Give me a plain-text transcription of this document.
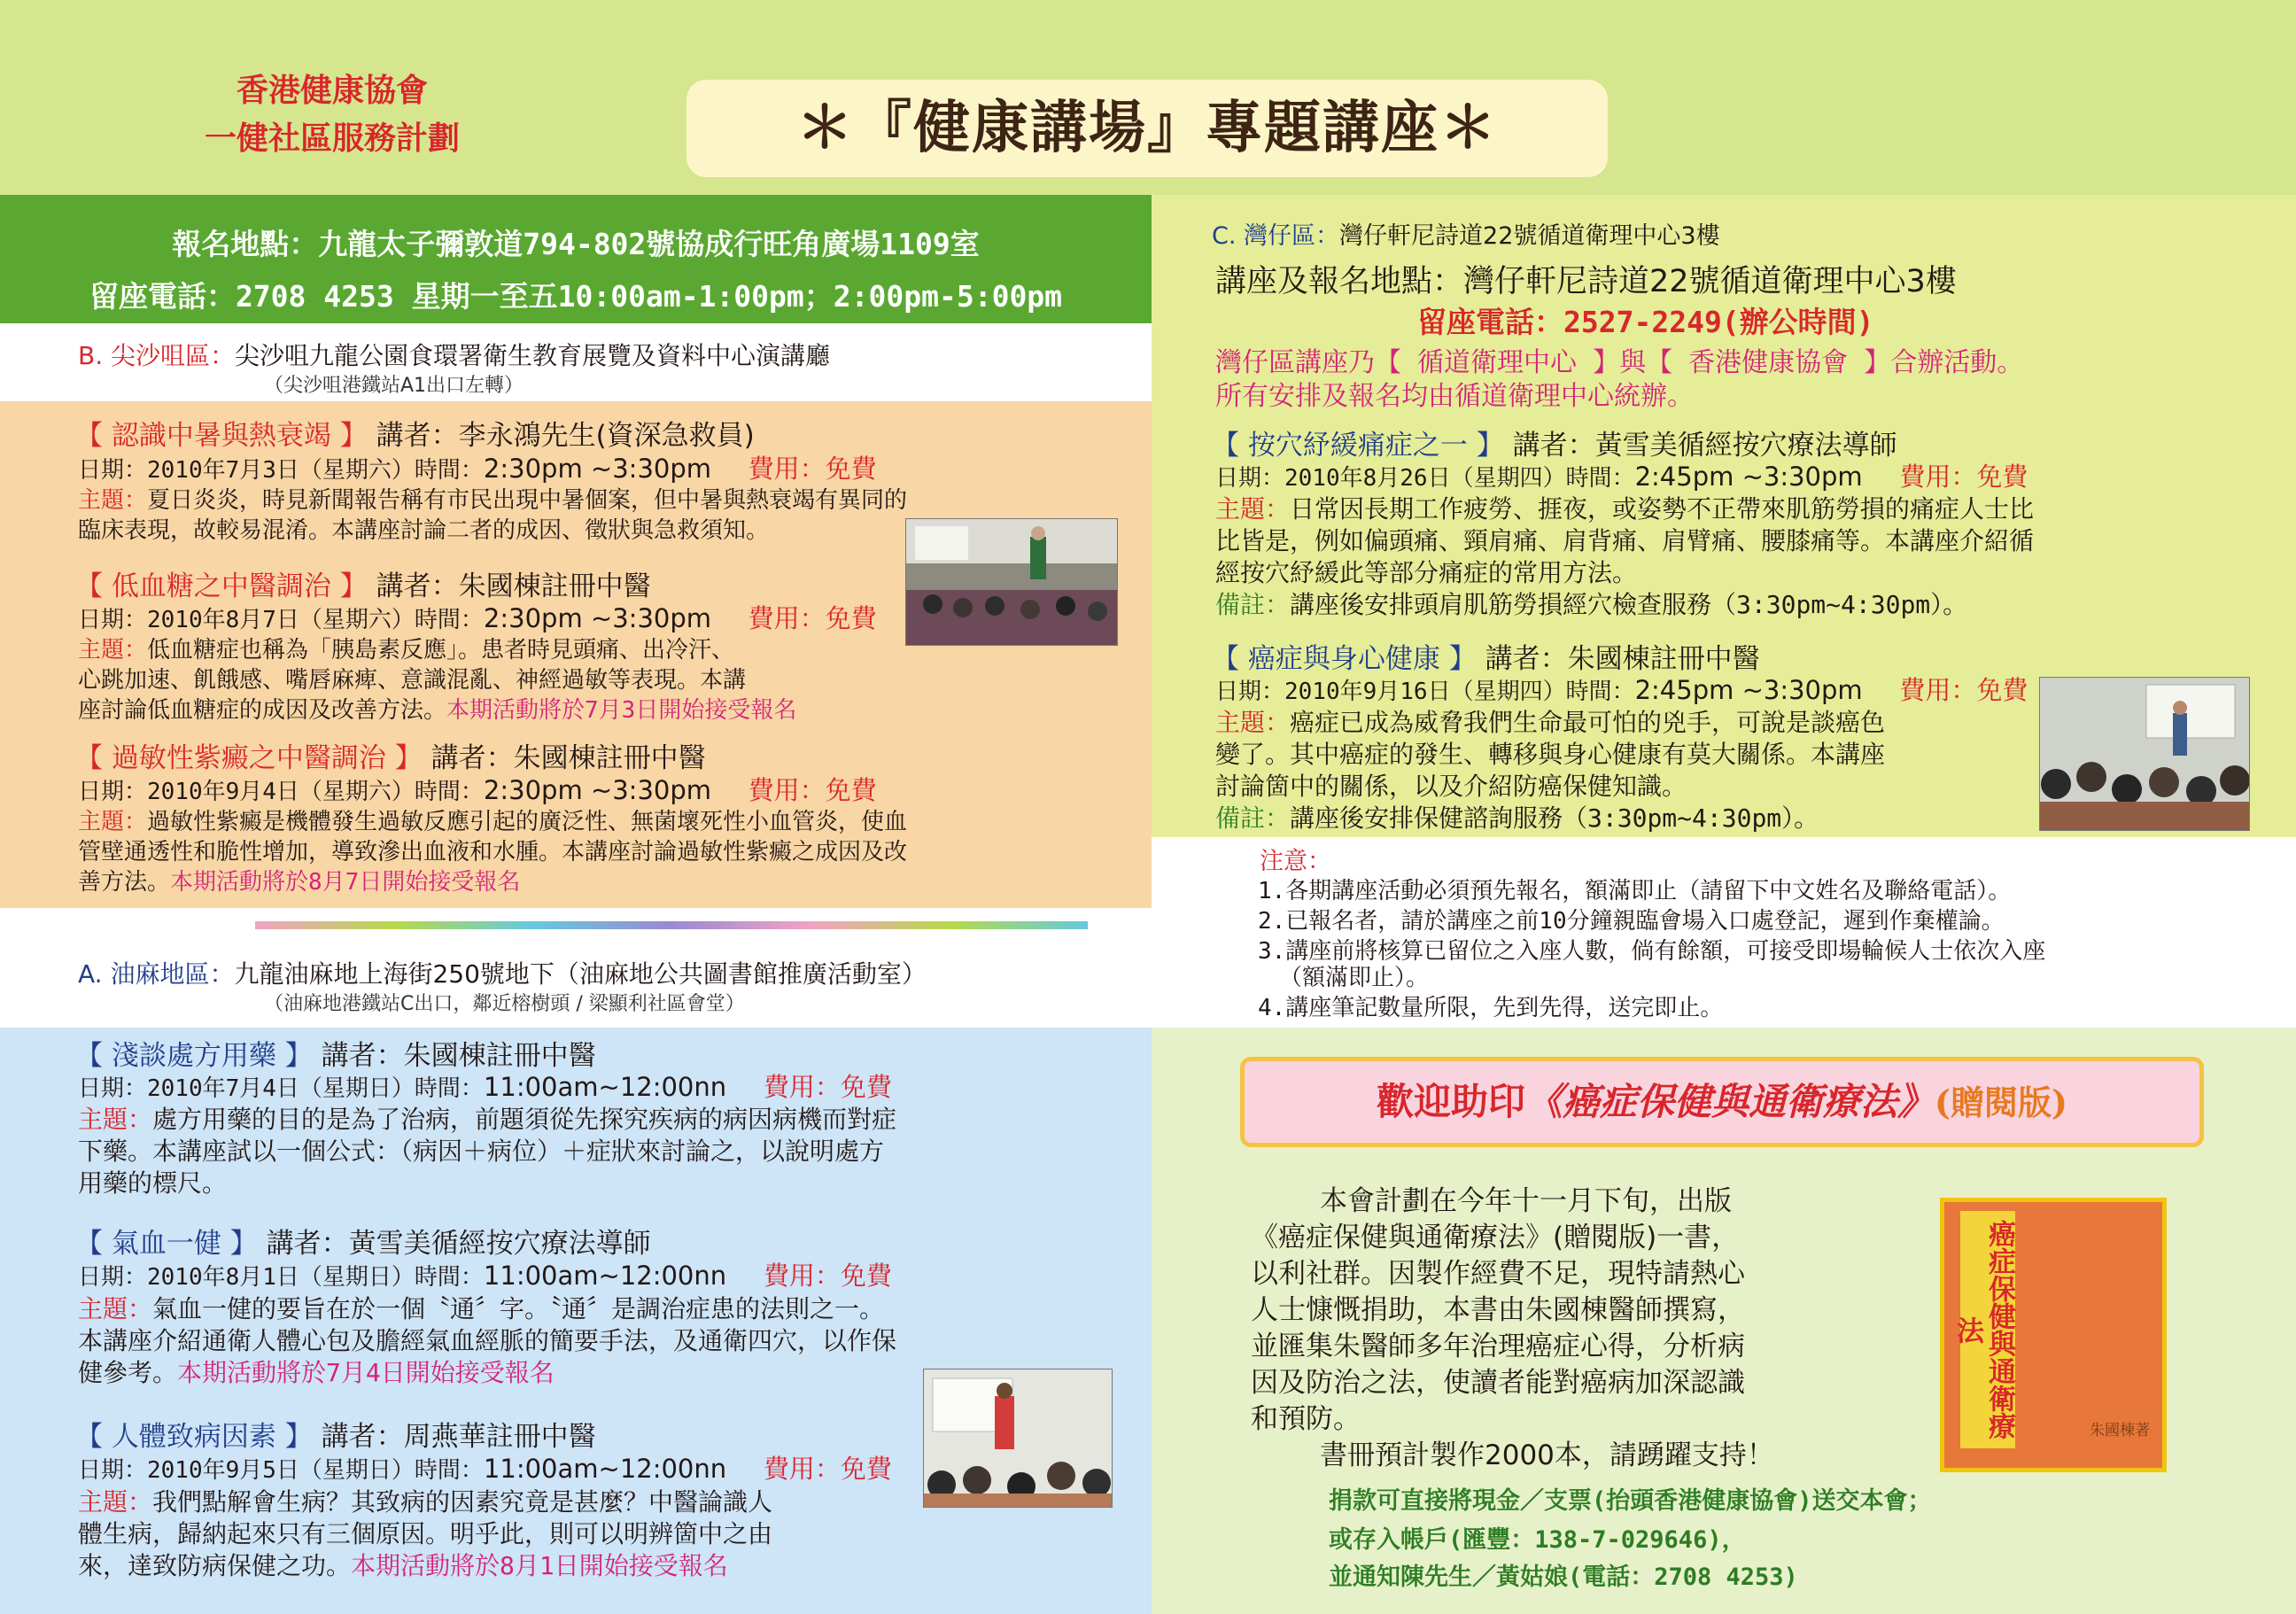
香港健康協會
一健社區服務計劃	＊『健康講場』專題講座＊
報名地點：九龍太子彌敦道794-802號協成行旺角廣場1109室
留座電話：2708 4253 星期一至五10:00am-1:00pm；2:00pm-5:00pm
B. 尖沙咀區：尖沙咀九龍公園食環署衛生教育展覽及資料中心演講廳
（尖沙咀港鐵站A1出口左轉）
【 認識中暑與熱衰竭 】 講者：李永鴻先生(資深急救員)
日期：2010年7月3日（星期六）時間：2:30pm ~3:30pm　 費用：免費
主題：夏日炎炎，時見新聞報告稱有市民出現中暑個案，但中暑與熱衰竭有異同的
臨床表現，故較易混淆。本講座討論二者的成因、徵狀與急救須知。
【 低血糖之中醫調治 】 講者：朱國棟註冊中醫
日期：2010年8月7日（星期六）時間：2:30pm ~3:30pm　 費用：免費
主題：低血糖症也稱為「胰島素反應」。患者時見頭痛、出冷汗、
心跳加速、飢餓感、嘴唇麻痺、意識混亂、神經過敏等表現。本講
座討論低血糖症的成因及改善方法。本期活動將於7月3日開始接受報名
【 過敏性紫癜之中醫調治 】 講者：朱國棟註冊中醫
日期：2010年9月4日（星期六）時間：2:30pm ~3:30pm　 費用：免費
主題：過敏性紫癜是機體發生過敏反應引起的廣泛性、無菌壞死性小血管炎，使血
管壁通透性和脆性增加，導致滲出血液和水腫。本講座討論過敏性紫癜之成因及改
善方法。本期活動將於8月7日開始接受報名
A. 油麻地區：九龍油麻地上海街250號地下（油麻地公共圖書館推廣活動室）
（油麻地港鐵站C出口，鄰近榕樹頭 / 梁顯利社區會堂）
【 淺談處方用藥 】 講者：朱國棟註冊中醫
日期：2010年7月4日（星期日）時間：11:00am~12:00nn　 費用：免費
主題：處方用藥的目的是為了治病，前題須從先探究疾病的病因病機而對症
下藥。本講座試以一個公式：（病因＋病位）＋症狀來討論之，以說明處方
用藥的標尺。
【 氣血一健 】 講者：黃雪美循經按穴療法導師
日期：2010年8月1日（星期日）時間：11:00am~12:00nn　 費用：免費
主題：氣血一健的要旨在於一個〝通〞字。〝通〞是調治症患的法則之一。
本講座介紹通衛人體心包及膽經氣血經脈的簡要手法，及通衛四穴，以作保
健參考。本期活動將於7月4日開始接受報名
【 人體致病因素 】 講者：周燕華註冊中醫
日期：2010年9月5日（星期日）時間：11:00am~12:00nn　 費用：免費
主題：我們點解會生病？其致病的因素究竟是甚麼？中醫論識人
體生病，歸納起來只有三個原因。明乎此，則可以明辨箇中之由
來，達致防病保健之功。本期活動將於8月1日開始接受報名
C. 灣仔區：灣仔軒尼詩道22號循道衛理中心3樓
講座及報名地點：灣仔軒尼詩道22號循道衛理中心3樓
留座電話：2527-2249(辦公時間)
灣仔區講座乃【 循道衛理中心 】與【 香港健康協會 】合辦活動。
所有安排及報名均由循道衛理中心統辦。
【 按穴紓緩痛症之一 】 講者：黃雪美循經按穴療法導師
日期：2010年8月26日（星期四）時間：2:45pm ~3:30pm　 費用：免費
主題：日常因長期工作疲勞、捱夜，或姿勢不正帶來肌筋勞損的痛症人士比
比皆是，例如偏頭痛、頸肩痛、肩背痛、肩臂痛、腰膝痛等。本講座介紹循
經按穴紓緩此等部分痛症的常用方法。
備註：講座後安排頭肩肌筋勞損經穴檢查服務（3:30pm~4:30pm）。
【 癌症與身心健康 】 講者：朱國棟註冊中醫
日期：2010年9月16日（星期四）時間：2:45pm ~3:30pm　 費用：免費
主題：癌症已成為威脅我們生命最可怕的兇手，可說是談癌色
變了。其中癌症的發生、轉移與身心健康有莫大關係。本講座
討論箇中的關係，以及介紹防癌保健知識。
備註：講座後安排保健諮詢服務（3:30pm~4:30pm）。
注意：
1.各期講座活動必須預先報名，額滿即止（請留下中文姓名及聯絡電話）。
2.已報名者，請於講座之前10分鐘親臨會場入口處登記，遲到作棄權論。
3.講座前將核算已留位之入座人數，倘有餘額，可接受即場輪候人士依次入座
（額滿即止）。
4.講座筆記數量所限，先到先得，送完即止。
歡迎助印《癌症保健與通衛療法》(贈閱版)
本會計劃在今年十一月下旬，出版
《癌症保健與通衛療法》(贈閱版)一書，
以利社群。因製作經費不足，現特請熱心
人士慷慨捐助，本書由朱國棟醫師撰寫，
並匯集朱醫師多年治理癌症心得，分析病
因及防治之法，使讀者能對癌病加深認識
和預防。
書冊預計製作2000本，請踴躍支持！
癌症保健與通衛療法
朱國棟著
捐款可直接將現金／支票(抬頭香港健康協會)送交本會；
或存入帳戶(匯豐：138-7-029646)，
並通知陳先生／黃姑娘(電話：2708 4253)
